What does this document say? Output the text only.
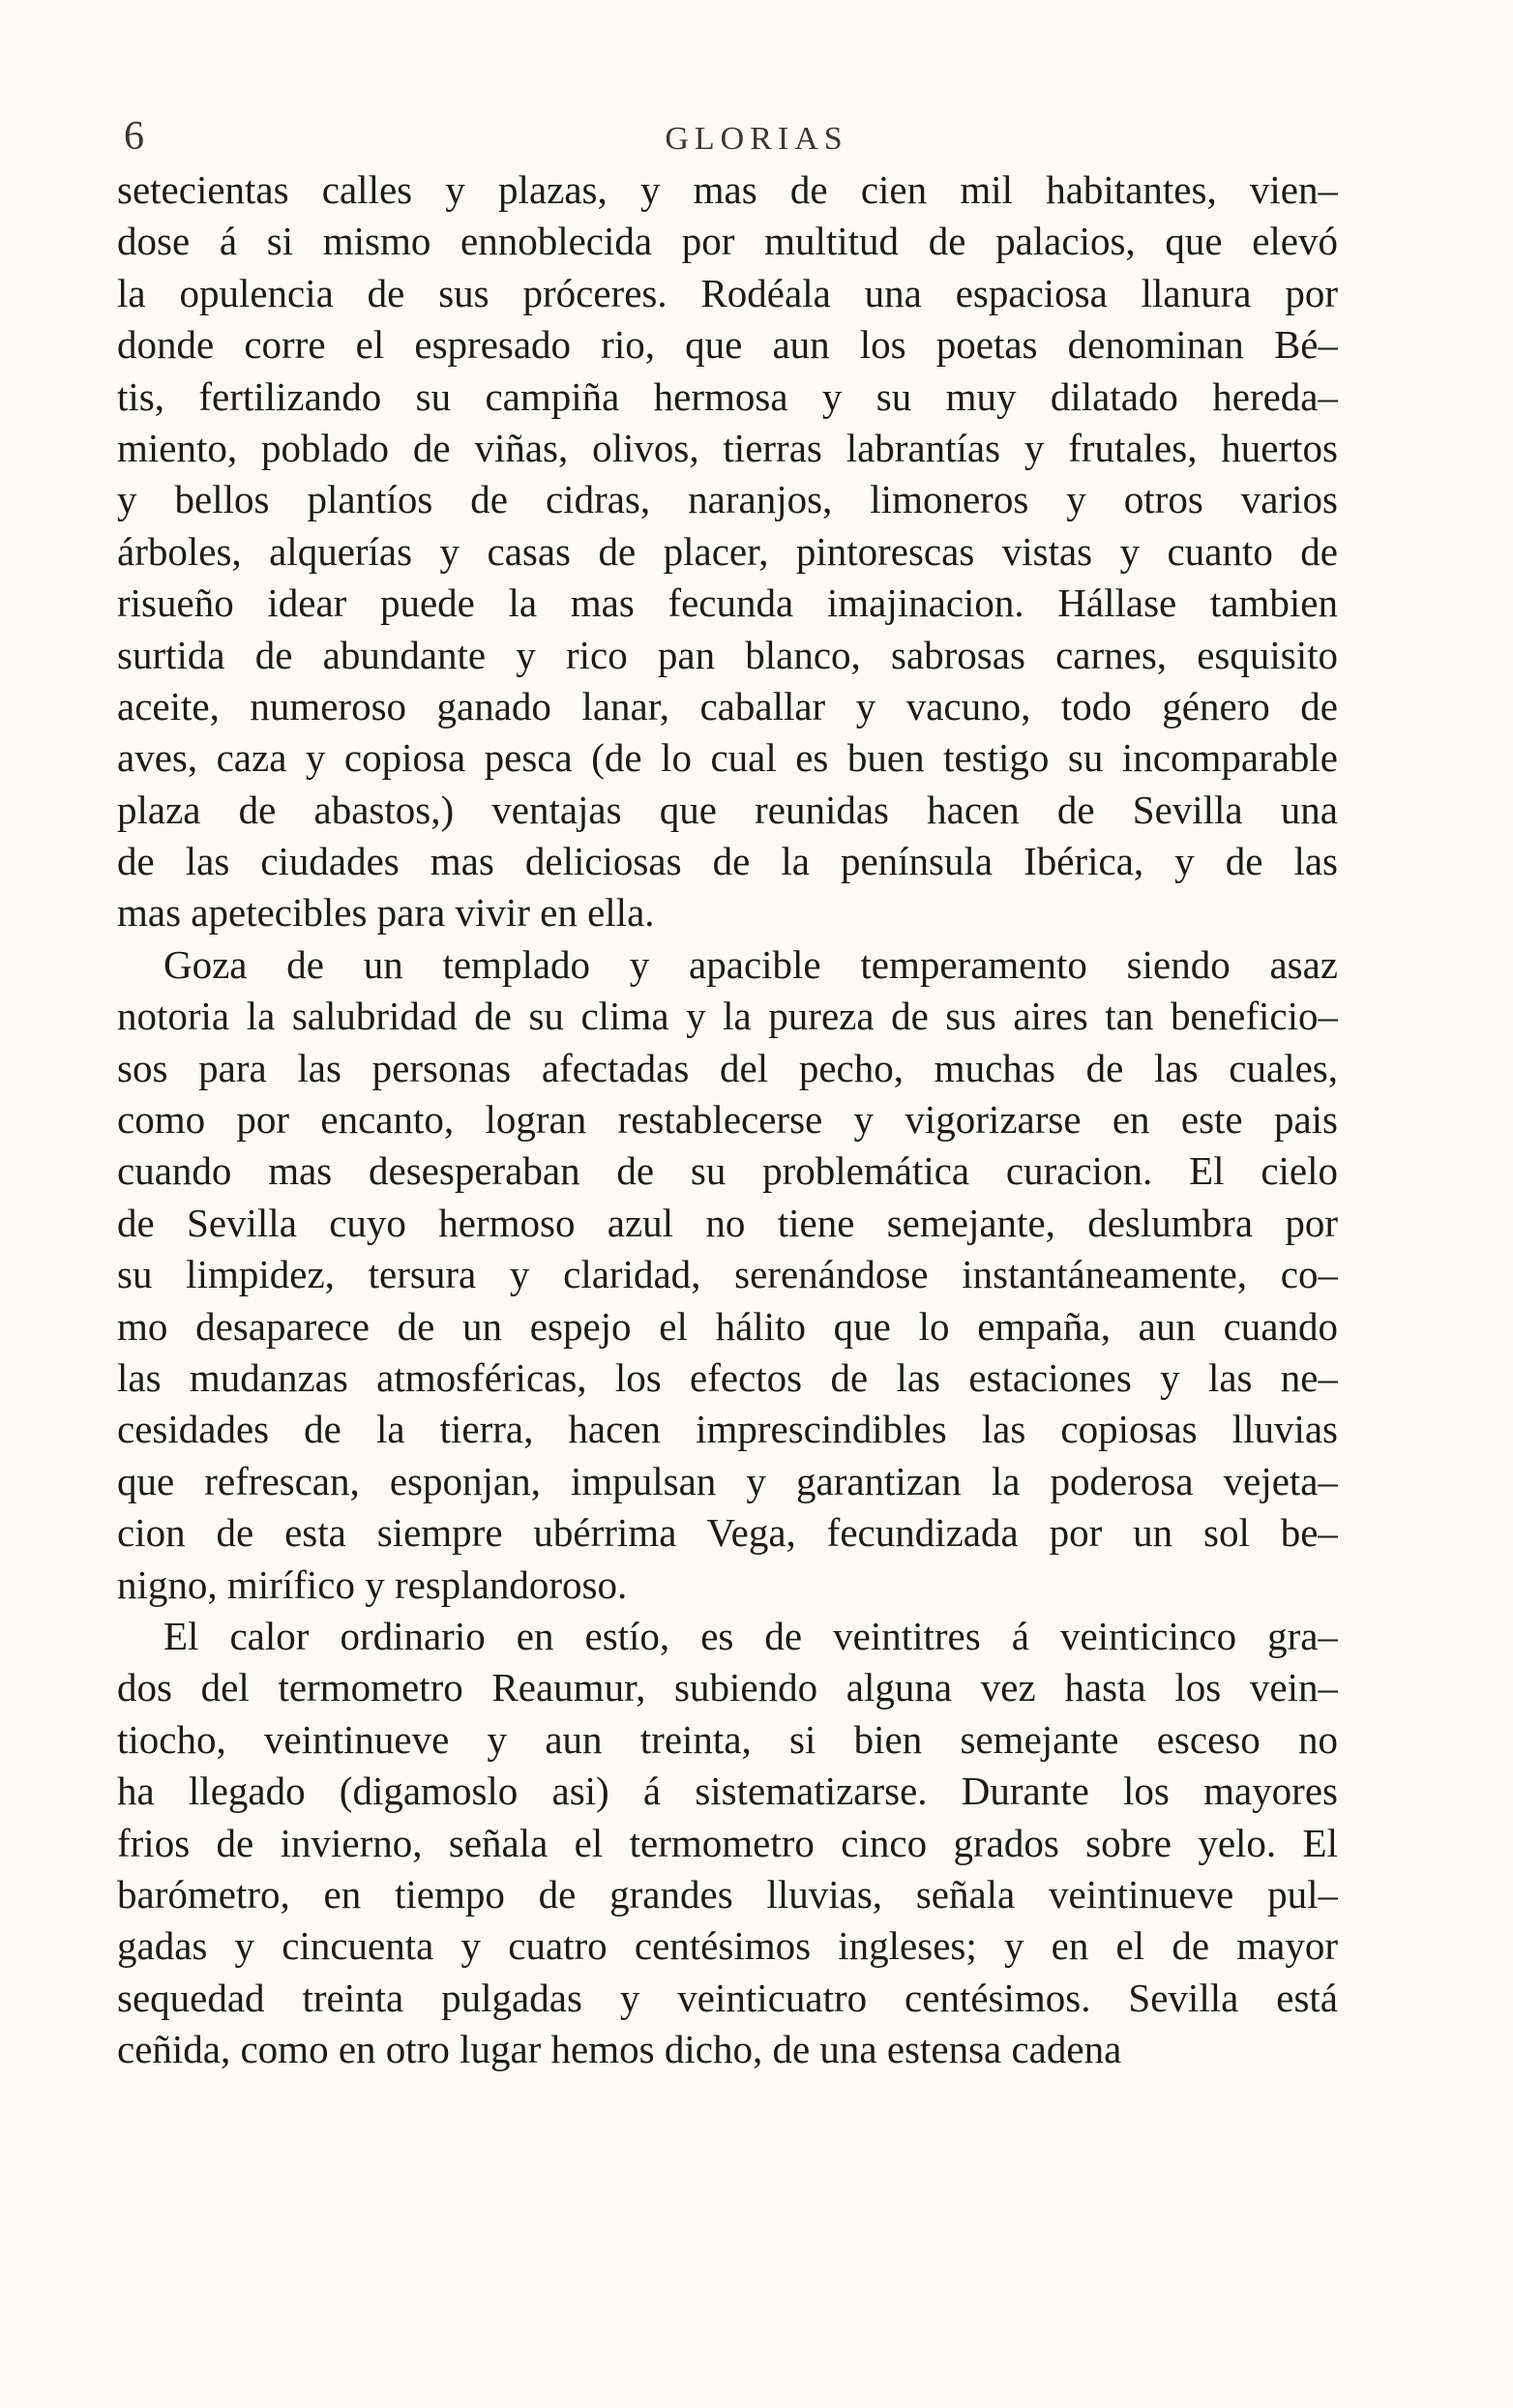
6	GLORIAS
setecientas calles y plazas, y mas de cien mil habitantes, vien–
dose á si mismo ennoblecida por multitud de palacios, que elevó
la opulencia de sus próceres. Rodéala una espaciosa llanura por
donde corre el espresado rio, que aun los poetas denominan Bé–
tis, fertilizando su campiña hermosa y su muy dilatado hereda–
miento, poblado de viñas, olivos, tierras labrantías y frutales, huertos
y bellos plantíos de cidras, naranjos, limoneros y otros varios
árboles, alquerías y casas de placer, pintorescas vistas y cuanto de
risueño idear puede la mas fecunda imajinacion. Hállase tambien
surtida de abundante y rico pan blanco, sabrosas carnes, esquisito
aceite, numeroso ganado lanar, caballar y vacuno, todo género de
aves, caza y copiosa pesca (de lo cual es buen testigo su incomparable
plaza de abastos,) ventajas que reunidas hacen de Sevilla una
de las ciudades mas deliciosas de la península Ibérica, y de las
mas apetecibles para vivir en ella.
Goza de un templado y apacible temperamento siendo asaz
notoria la salubridad de su clima y la pureza de sus aires tan beneficio–
sos para las personas afectadas del pecho, muchas de las cuales,
como por encanto, logran restablecerse y vigorizarse en este pais
cuando mas desesperaban de su problemática curacion. El cielo
de Sevilla cuyo hermoso azul no tiene semejante, deslumbra por
su limpidez, tersura y claridad, serenándose instantáneamente, co–
mo desaparece de un espejo el hálito que lo empaña, aun cuando
las mudanzas atmosféricas, los efectos de las estaciones y las ne–
cesidades de la tierra, hacen imprescindibles las copiosas lluvias
que refrescan, esponjan, impulsan y garantizan la poderosa vejeta–
cion de esta siempre ubérrima Vega, fecundizada por un sol be–
nigno, mirífico y resplandoroso.
El calor ordinario en estío, es de veintitres á veinticinco gra–
dos del termometro Reaumur, subiendo alguna vez hasta los vein–
tiocho, veintinueve y aun treinta, si bien semejante esceso no
ha llegado (digamoslo asi) á sistematizarse. Durante los mayores
frios de invierno, señala el termometro cinco grados sobre yelo. El
barómetro, en tiempo de grandes lluvias, señala veintinueve pul–
gadas y cincuenta y cuatro centésimos ingleses; y en el de mayor
sequedad treinta pulgadas y veinticuatro centésimos. Sevilla está
ceñida, como en otro lugar hemos dicho, de una estensa cadena
